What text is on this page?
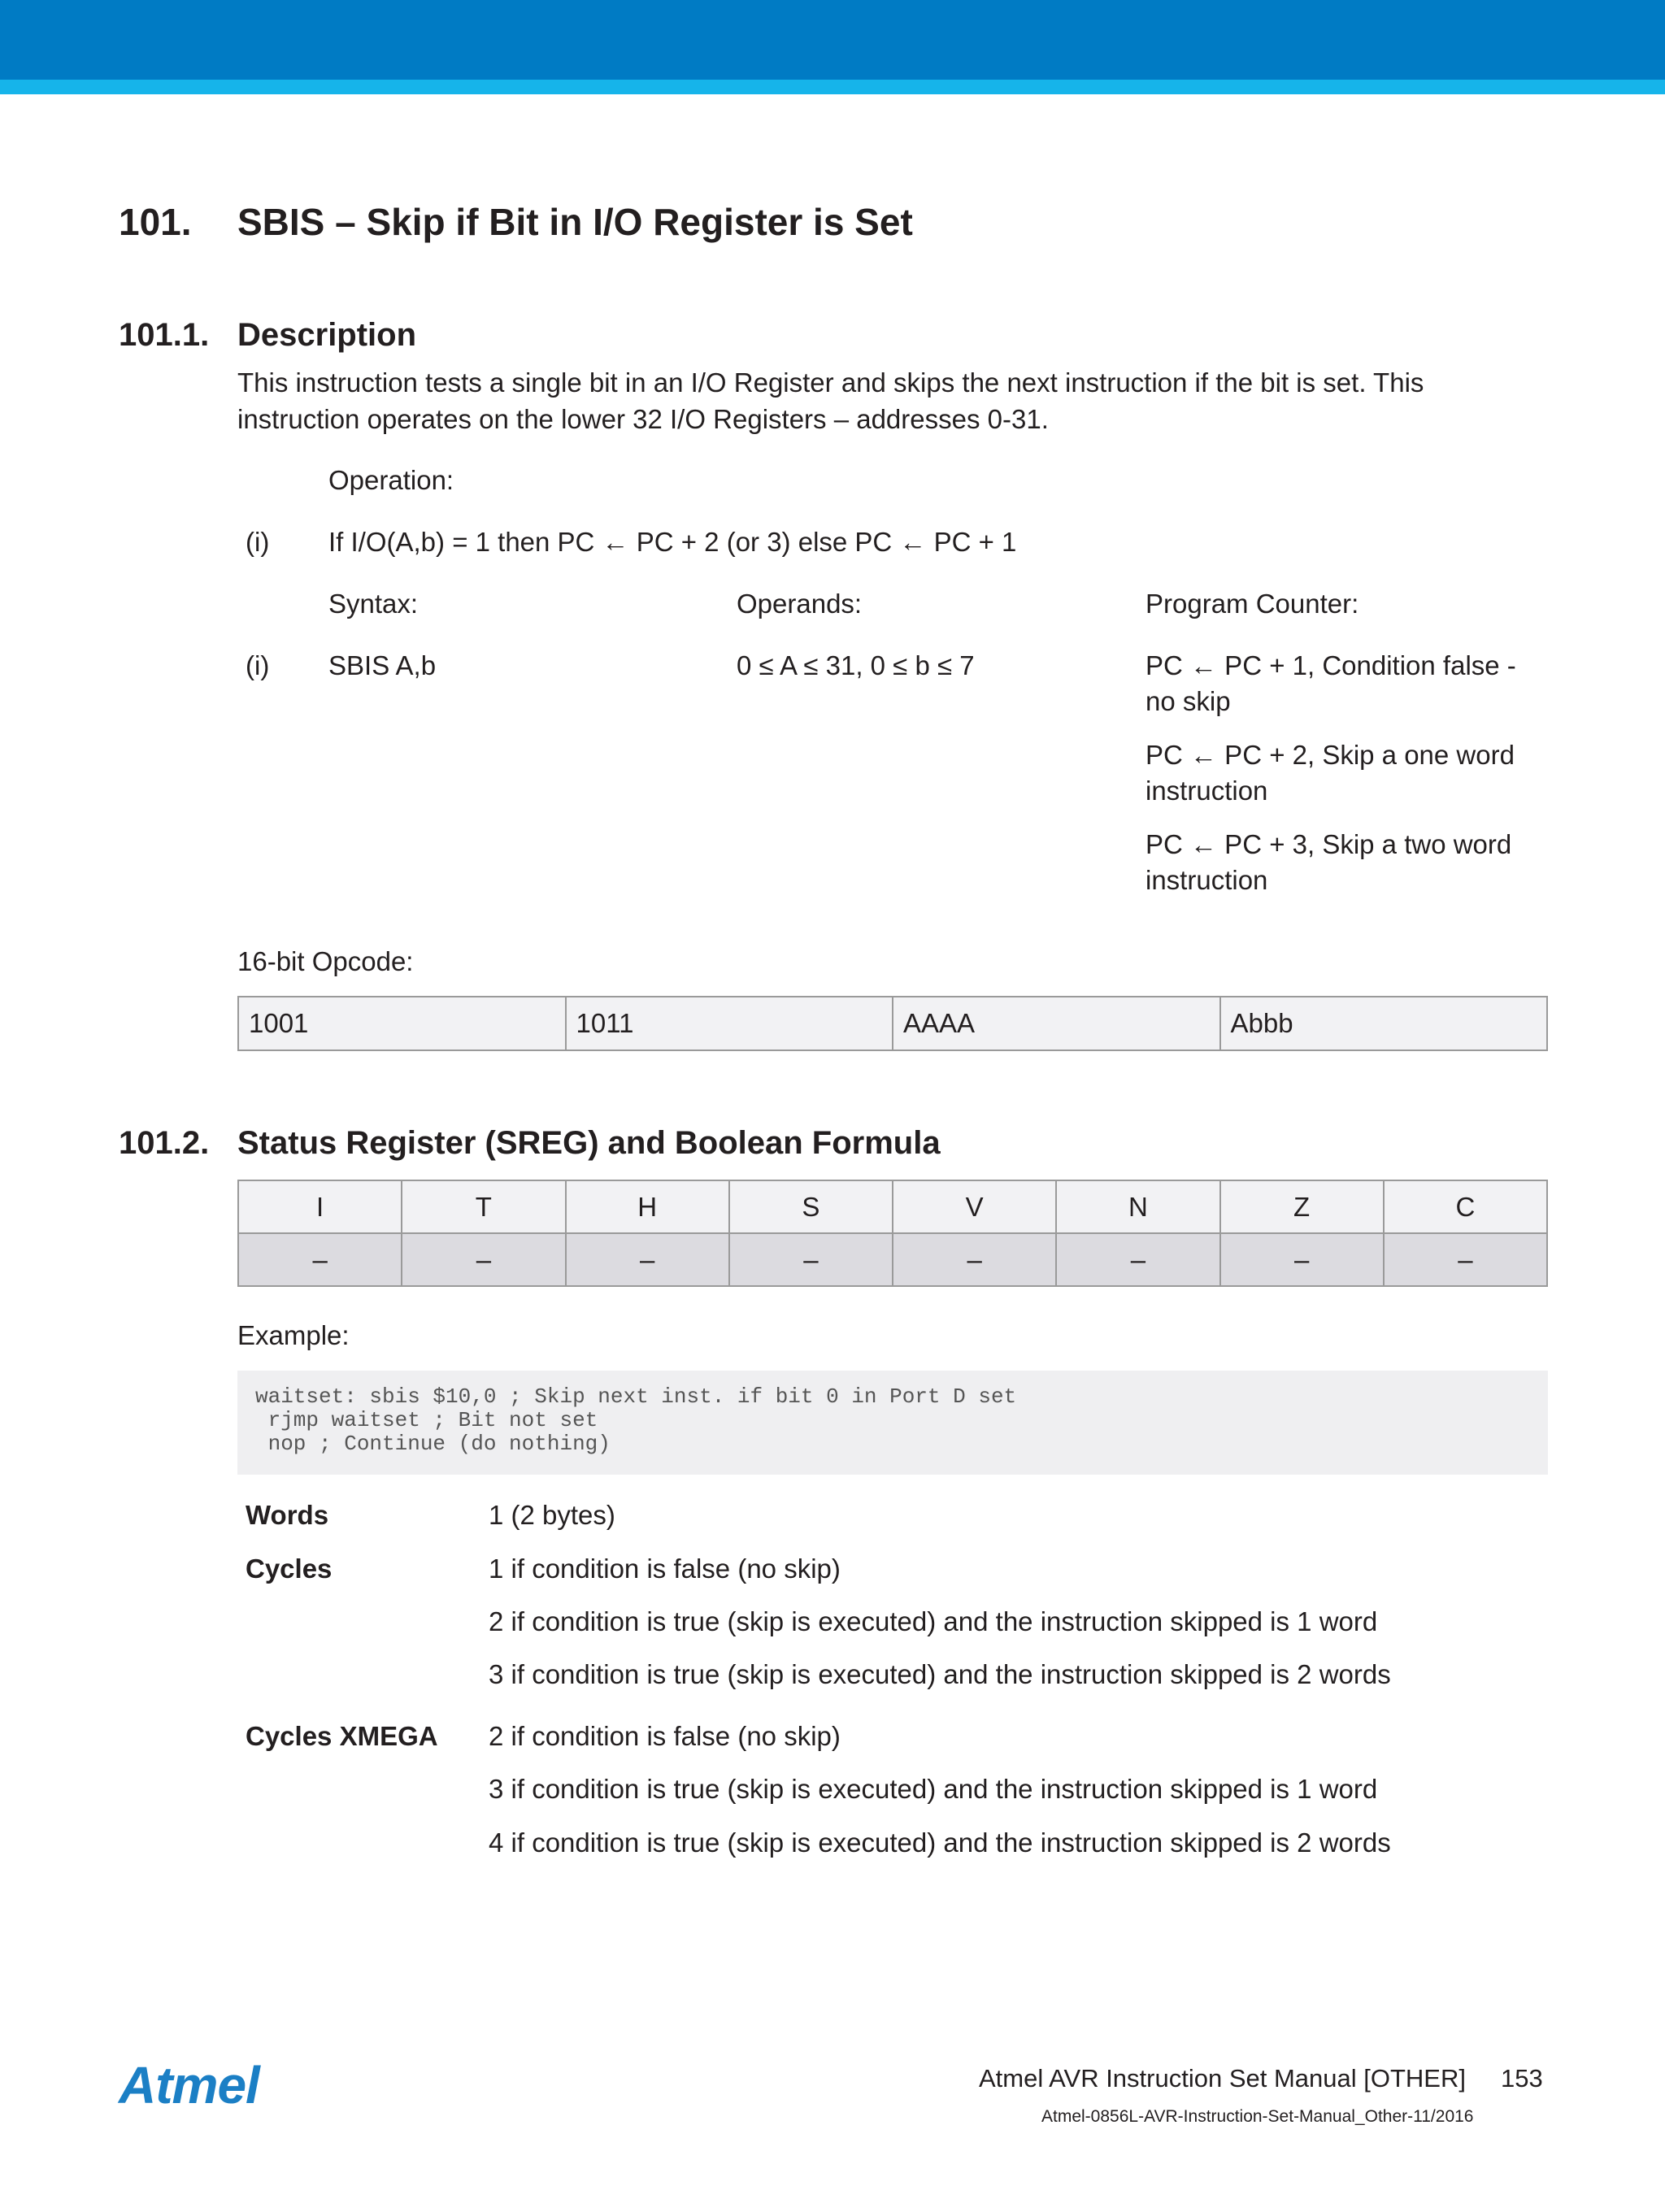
101. SBIS – Skip if Bit in I/O Register is Set
101.1. Description
This instruction tests a single bit in an I/O Register and skips the next instruction if the bit is set. This
instruction operates on the lower 32 I/O Registers – addresses 0-31.
Operation:
(i) If I/O(A,b) = 1 then PC ← PC + 2 (or 3) else PC ← PC + 1
Syntax:	Operands:	Program Counter:
(i) SBIS A,b	0 ≤ A ≤ 31, 0 ≤ b ≤ 7	PC ← PC + 1, Condition false -
no skip
PC ← PC + 2, Skip a one word
instruction
PC ← PC + 3, Skip a two word
instruction
16-bit Opcode:
1001	1011	AAAA	Abbb
101.2. Status Register (SREG) and Boolean Formula
I	T	H	S	V	N	Z	C
–	–	–	–	–	–	–	–
Example:
waitset: sbis $10,0 ; Skip next inst. if bit 0 in Port D set
rjmp waitset ; Bit not set
nop ; Continue (do nothing)
Words	1 (2 bytes)
Cycles	1 if condition is false (no skip)
2 if condition is true (skip is executed) and the instruction skipped is 1 word
3 if condition is true (skip is executed) and the instruction skipped is 2 words
Cycles XMEGA 2 if condition is false (no skip)
3 if condition is true (skip is executed) and the instruction skipped is 1 word
4 if condition is true (skip is executed) and the instruction skipped is 2 words
Atmel	Atmel AVR Instruction Set Manual [OTHER] 153
Atmel-0856L-AVR-Instruction-Set-Manual_Other-11/2016
